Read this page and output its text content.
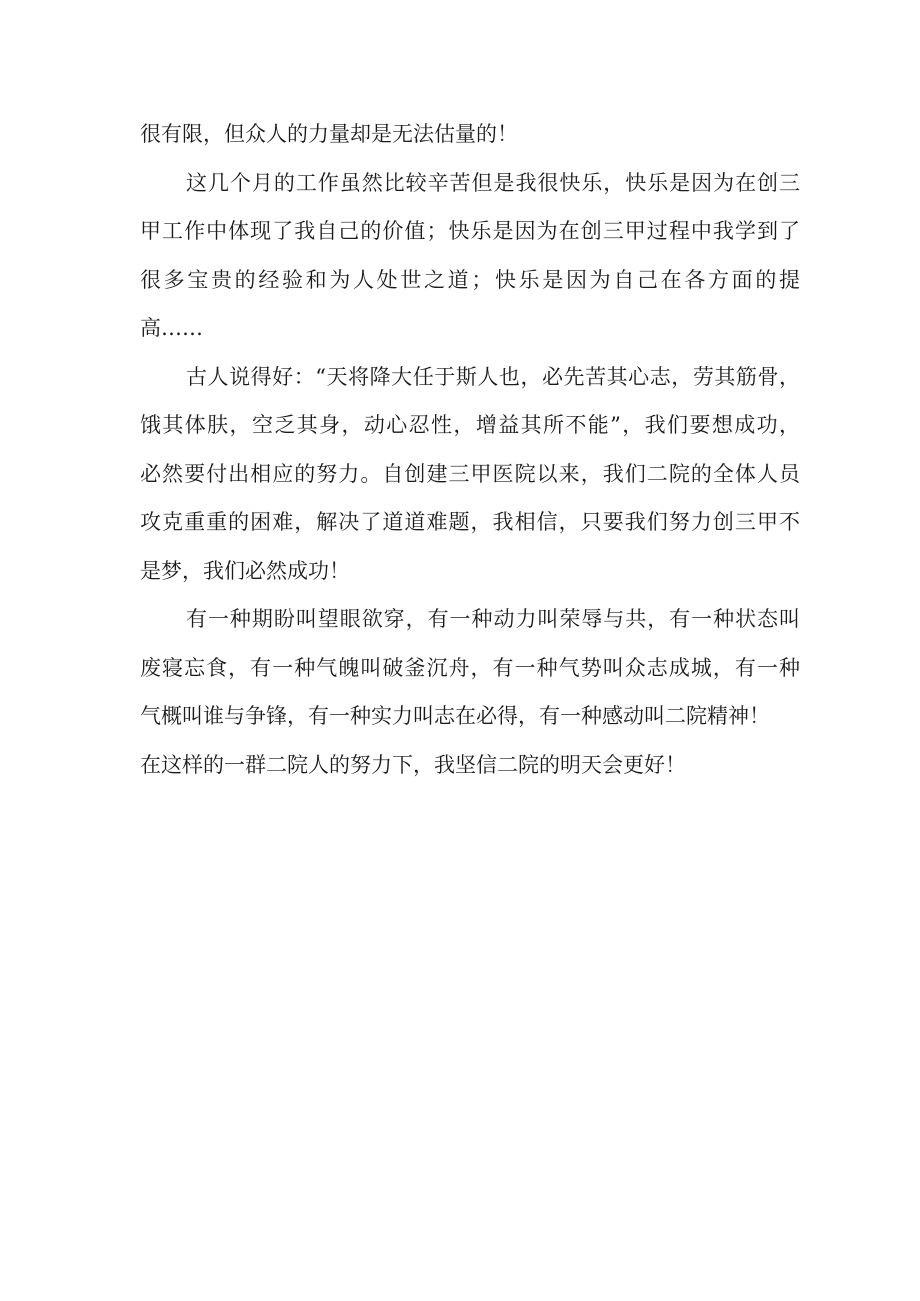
很有限，但众人的力量却是无法估量的！
这几个月的工作虽然比较辛苦但是我很快乐，快乐是因为在创三
甲工作中体现了我自己的价值；快乐是因为在创三甲过程中我学到了
很多宝贵的经验和为人处世之道；快乐是因为自己在各方面的提
高……
古人说得好：“天将降大任于斯人也，必先苦其心志，劳其筋骨，
饿其体肤，空乏其身，动心忍性，增益其所不能”，我们要想成功，
必然要付出相应的努力。自创建三甲医院以来，我们二院的全体人员
攻克重重的困难，解决了道道难题，我相信，只要我们努力创三甲不
是梦，我们必然成功！
有一种期盼叫望眼欲穿，有一种动力叫荣辱与共，有一种状态叫
废寝忘食，有一种气魄叫破釜沉舟，有一种气势叫众志成城，有一种
气概叫谁与争锋，有一种实力叫志在必得，有一种感动叫二院精神！
在这样的一群二院人的努力下，我坚信二院的明天会更好！
